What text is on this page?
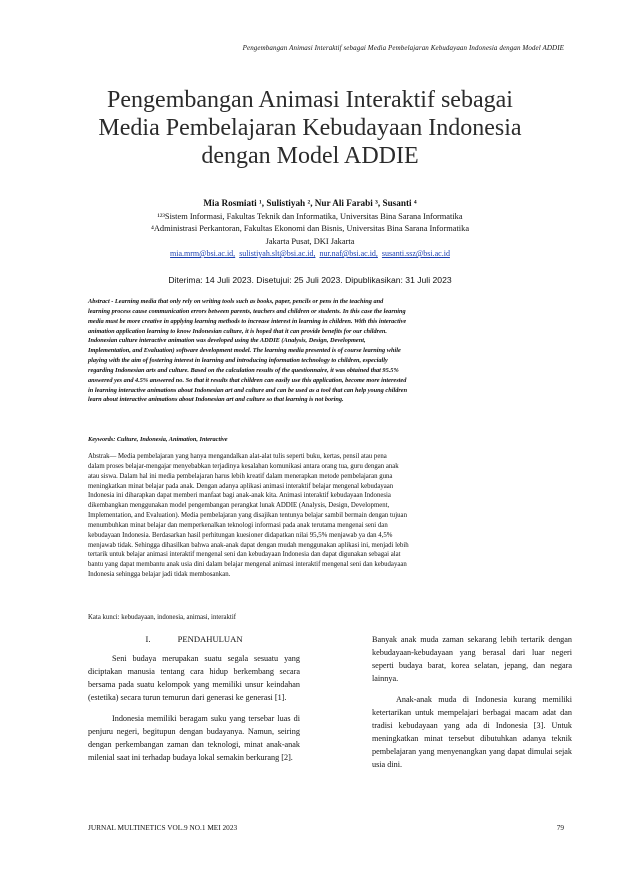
Pengembangan Animasi Interaktif sebagai Media Pembelajaran Kebudayaan Indonesia dengan Model ADDIE
Pengembangan Animasi Interaktif sebagai
Media Pembelajaran Kebudayaan Indonesia
dengan Model ADDIE
Mia Rosmiati ¹, Sulistiyah ², Nur Ali Farabi ³, Susanti ⁴
¹²³Sistem Informasi, Fakultas Teknik dan Informatika, Universitas Bina Sarana Informatika
⁴Administrasi Perkantoran, Fakultas Ekonomi dan Bisnis, Universitas Bina Sarana Informatika
Jakarta Pusat, DKI Jakarta
mia.mrm@bsi.ac.id, sulistiyah.slt@bsi.ac.id, nur.naf@bsi.ac.id, susanti.ssz@bsi.ac.id
Diterima: 14 Juli 2023. Disetujui: 25 Juli 2023. Dipublikasikan: 31 Juli 2023
Abstract - Learning media that only rely on writing tools such as books, paper, pencils or pens in the teaching and
learning process cause communication errors between parents, teachers and children or students. In this case the learning
media must be more creative in applying learning methods to increase interest in learning in children. With this interactive
animation application learning to know Indonesian culture, it is hoped that it can provide benefits for our children.
Indonesian culture interactive animation was developed using the ADDIE (Analysis, Design, Development,
Implementation, and Evaluation) software development model. The learning media presented is of course learning while
playing with the aim of fostering interest in learning and introducing information technology to children, especially
regarding Indonesian arts and culture. Based on the calculation results of the questionnaire, it was obtained that 95.5%
answered yes and 4.5% answered no. So that it results that children can easily use this application, become more interested
in learning interactive animations about Indonesian art and culture and can be used as a tool that can help young children
learn about interactive animations about Indonesian art and culture so that learning is not boring.
Keywords: Culture, Indonesia, Animation, Interactive
Abstrak— Media pembelajaran yang hanya mengandalkan alat-alat tulis seperti buku, kertas, pensil atau pena
dalam proses belajar-mengajar menyebabkan terjadinya kesalahan komunikasi antara orang tua, guru dengan anak
atau siswa. Dalam hal ini media pembelajaran harus lebih kreatif dalam menerapkan metode pembelajaran guna
meningkatkan minat belajar pada anak. Dengan adanya aplikasi animasi interaktif belajar mengenal kebudayaan
Indonesia ini diharapkan dapat memberi manfaat bagi anak-anak kita. Animasi interaktif kebudayaan Indonesia
dikembangkan menggunakan model pengembangan perangkat lunak ADDIE (Analysis, Design, Development,
Implementation, and Evaluation). Media pembelajaran yang disajikan tentunya belajar sambil bermain dengan tujuan
menumbuhkan minat belajar dan memperkenalkan teknologi informasi pada anak terutama mengenai seni dan
kebudayaan Indonesia. Berdasarkan hasil perhitungan kuesioner didapatkan nilai 95,5% menjawab ya dan 4,5%
menjawab tidak. Sehingga dihasilkan bahwa anak-anak dapat dengan mudah menggunakan aplikasi ini, menjadi lebih
tertarik untuk belajar animasi interaktif mengenal seni dan kebudayaan Indonesia dan dapat digunakan sebagai alat
bantu yang dapat membantu anak usia dini dalam belajar mengenal animasi interaktif mengenal seni dan kebudayaan
Indonesia sehingga belajar jadi tidak membosankan.
Kata kunci: kebudayaan, indonesia, animasi, interaktif
I.	PENDAHULUAN

Seni budaya merupakan suatu segala sesuatu yang diciptakan manusia tentang cara hidup berkembang secara bersama pada suatu kelompok yang memiliki unsur keindahan (estetika) secara turun temurun dari generasi ke generasi [1].

Indonesia memiliki beragam suku yang tersebar luas di penjuru negeri, begitupun dengan budayanya. Namun, seiring dengan perkembangan zaman dan teknologi, minat anak-anak milenial saat ini terhadap budaya lokal semakin berkurang [2].

Banyak anak muda zaman sekarang lebih tertarik dengan kebudayaan-kebudayaan yang berasal dari luar negeri seperti budaya barat, korea selatan, jepang, dan negara lainnya.

Anak-anak muda di Indonesia kurang memiliki ketertarikan untuk mempelajari berbagai macam adat dan tradisi kebudayaan yang ada di Indonesia [3]. Untuk meningkatkan minat tersebut dibutuhkan adanya teknik pembelajaran yang menyenangkan yang dapat dimulai sejak usia dini.

JURNAL MULTINETICS VOL.9 NO.1 MEI 2023	79
